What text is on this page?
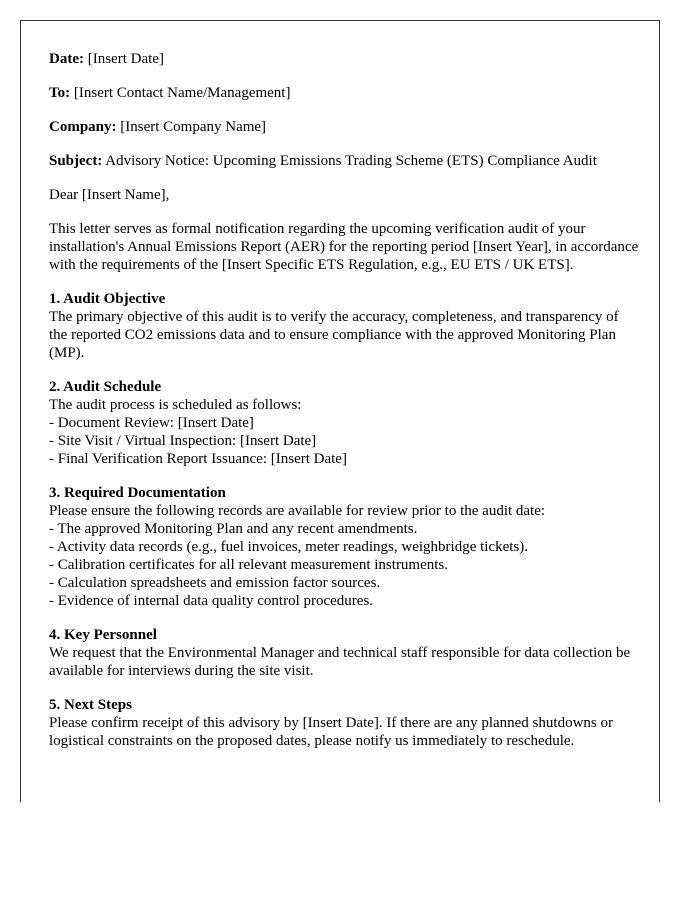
Date: [Insert Date]

To: [Insert Contact Name/Management]

Company: [Insert Company Name]

Subject: Advisory Notice: Upcoming Emissions Trading Scheme (ETS) Compliance Audit

Dear [Insert Name],

This letter serves as formal notification regarding the upcoming verification audit of your installation's Annual Emissions Report (AER) for the reporting period [Insert Year], in accordance with the requirements of the [Insert Specific ETS Regulation, e.g., EU ETS / UK ETS].

1. Audit Objective
The primary objective of this audit is to verify the accuracy, completeness, and transparency of the reported CO2 emissions data and to ensure compliance with the approved Monitoring Plan (MP).

2. Audit Schedule
The audit process is scheduled as follows:
- Document Review: [Insert Date]
- Site Visit / Virtual Inspection: [Insert Date]
- Final Verification Report Issuance: [Insert Date]

3. Required Documentation
Please ensure the following records are available for review prior to the audit date:
- The approved Monitoring Plan and any recent amendments.
- Activity data records (e.g., fuel invoices, meter readings, weighbridge tickets).
- Calibration certificates for all relevant measurement instruments.
- Calculation spreadsheets and emission factor sources.
- Evidence of internal data quality control procedures.

4. Key Personnel
We request that the Environmental Manager and technical staff responsible for data collection be available for interviews during the site visit.

5. Next Steps
Please confirm receipt of this advisory by [Insert Date]. If there are any planned shutdowns or logistical constraints on the proposed dates, please notify us immediately to reschedule.
